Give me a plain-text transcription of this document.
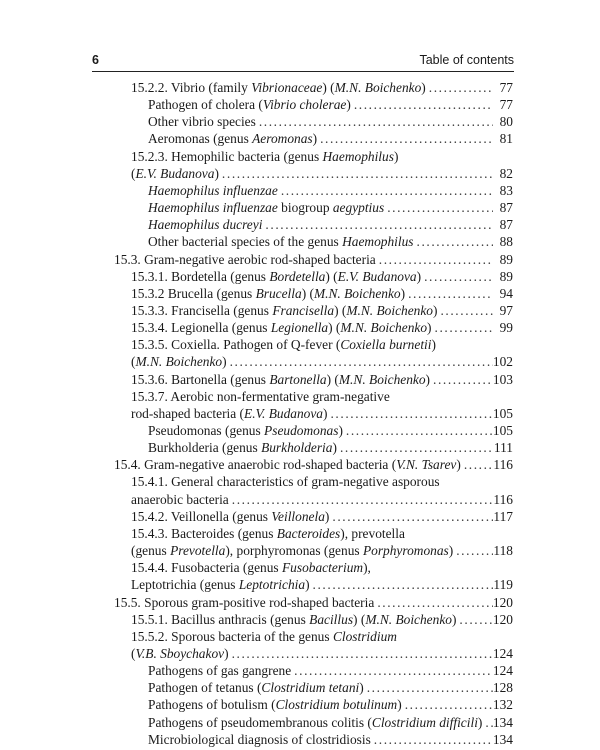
6	Table of contents
15.2.2. Vibrio (family Vibrionaceae) (M.N. Boichenko) .....	77
Pathogen of cholera (Vibrio cholerae) .....	77
Other vibrio species .....	80
Aeromonas (genus Aeromonas) .....	81
15.2.3. Hemophilic bacteria (genus Haemophilus)
(E.V. Budanova) .....	82
Haemophilus influenzae .....	83
Haemophilus influenzae biogroup aegyptius .....	87
Haemophilus ducreyi .....	87
Other bacterial species of the genus Haemophilus .....	88
15.3. Gram-negative aerobic rod-shaped bacteria .....	89
15.3.1. Bordetella (genus Bordetella) (E.V. Budanova) .....	89
15.3.2 Brucella (genus Brucella) (M.N. Boichenko) .....	94
15.3.3. Francisella (genus Francisella) (M.N. Boichenko) .....	97
15.3.4. Legionella (genus Legionella) (M.N. Boichenko) .....	99
15.3.5. Coxiella. Pathogen of Q-fever (Coxiella burnetii)
(M.N. Boichenko) .....	102
15.3.6. Bartonella (genus Bartonella) (M.N. Boichenko) .....	103
15.3.7. Aerobic non-fermentative gram-negative
rod-shaped bacteria (E.V. Budanova) .....	105
Pseudomonas (genus Pseudomonas) .....	105
Burkholderia (genus Burkholderia) .....	111
15.4. Gram-negative anaerobic rod-shaped bacteria (V.N. Tsarev) ..... 116
15.4.1. General characteristics of gram-negative asporous
anaerobic bacteria .....	116
15.4.2. Veillonella (genus Veillonela) .....	117
15.4.3. Bacteroides (genus Bacteroides), prevotella
(genus Prevotella), porphyromonas (genus Porphyromonas) .....	118
15.4.4. Fusobacteria (genus Fusobacterium),
Leptotrichia (genus Leptotrichia) .....	119
15.5. Sporous gram-positive rod-shaped bacteria .....	120
15.5.1. Bacillus anthracis (genus Bacillus) (M.N. Boichenko) .....	120
15.5.2. Sporous bacteria of the genus Clostridium
(V.B. Sboychakov) .....	124
Pathogens of gas gangrene .....	124
Pathogen of tetanus (Clostridium tetani) .....	128
Pathogens of botulism (Clostridium botulinum) .....	132
Pathogens of pseudomembranous colitis (Clostridium difficili) ..... 134
Microbiological diagnosis of clostridiosis .....	134
